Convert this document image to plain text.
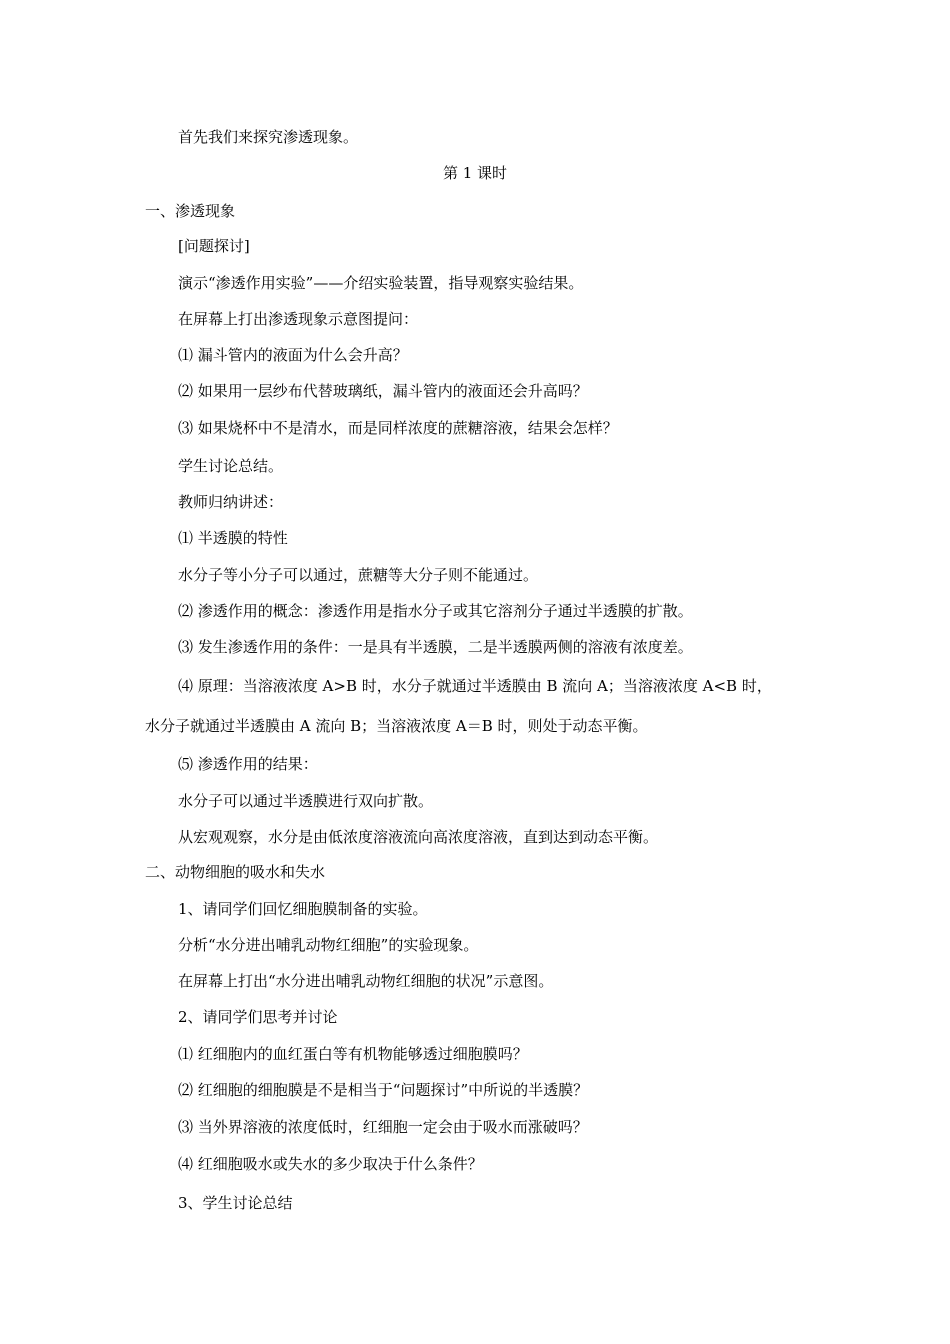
首先我们来探究渗透现象。
第 1 课时
一、渗透现象
[问题探讨]
演示“渗透作用实验”——介绍实验装置，指导观察实验结果。
在屏幕上打出渗透现象示意图提问：
⑴ 漏斗管内的液面为什么会升高？
⑵ 如果用一层纱布代替玻璃纸，漏斗管内的液面还会升高吗？
⑶ 如果烧杯中不是清水，而是同样浓度的蔗糖溶液，结果会怎样？
学生讨论总结。
教师归纳讲述：
⑴ 半透膜的特性
水分子等小分子可以通过，蔗糖等大分子则不能通过。
⑵ 渗透作用的概念：渗透作用是指水分子或其它溶剂分子通过半透膜的扩散。
⑶ 发生渗透作用的条件：一是具有半透膜，二是半透膜两侧的溶液有浓度差。
⑷ 原理：当溶液浓度 A>B 时，水分子就通过半透膜由 B 流向 A；当溶液浓度 A<B 时，
水分子就通过半透膜由 A 流向 B；当溶液浓度 A＝B 时，则处于动态平衡。
⑸ 渗透作用的结果：
水分子可以通过半透膜进行双向扩散。
从宏观观察，水分是由低浓度溶液流向高浓度溶液，直到达到动态平衡。
二、动物细胞的吸水和失水
1、请同学们回忆细胞膜制备的实验。
分析“水分进出哺乳动物红细胞”的实验现象。
在屏幕上打出“水分进出哺乳动物红细胞的状况”示意图。
2、请同学们思考并讨论
⑴ 红细胞内的血红蛋白等有机物能够透过细胞膜吗？
⑵ 红细胞的细胞膜是不是相当于“问题探讨”中所说的半透膜？
⑶ 当外界溶液的浓度低时，红细胞一定会由于吸水而涨破吗？
⑷ 红细胞吸水或失水的多少取决于什么条件？
3、学生讨论总结
